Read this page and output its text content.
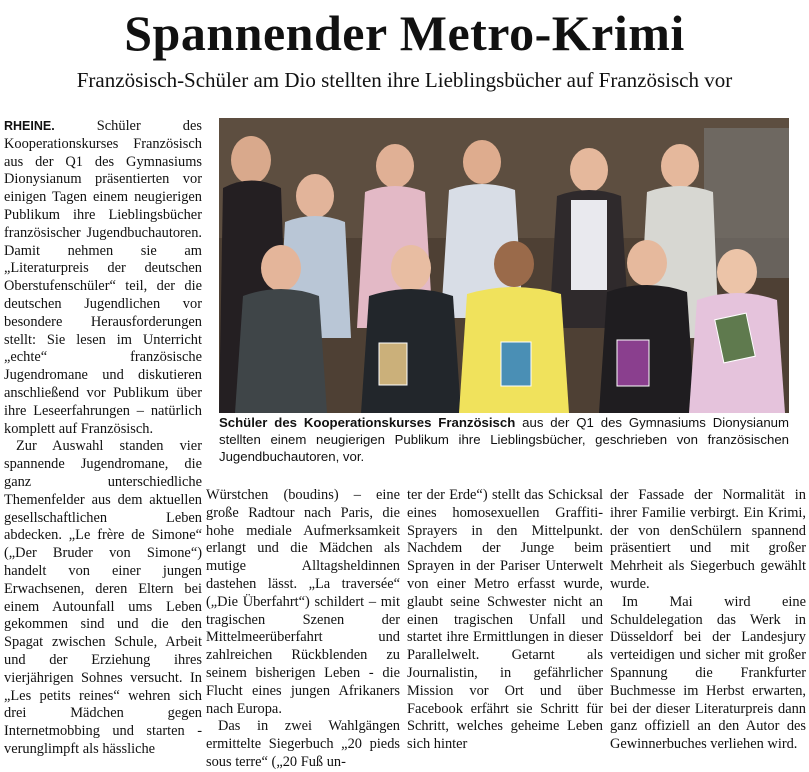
Spannender Metro-Krimi
Französisch-Schüler am Dio stellten ihre Lieblingsbücher auf Französisch vor

RHEINE.	Schüler des Kooperationskurses Französisch aus der Q1 des Gymnasiums Dionysianum präsentierten vor einigen Tagen einem neugierigen Publikum ihre Lieblingsbücher französischer Jugendbuchautoren. Damit nehmen sie am „Literaturpreis der deutschen Oberstufenschüler“ teil, der die deutschen Jugendlichen vor besondere Herausforderungen stellt: Sie lesen im Unterricht „echte“ französische Jugendromane und diskutieren anschließend vor Publikum über ihre Leseerfahrungen – natürlich komplett auf Französisch.

Zur Auswahl standen vier spannende Jugendromane, die ganz unterschiedliche Themenfelder aus dem aktuellen gesellschaftlichen Leben abdecken. „Le frère de Simone“ („Der Bruder von Simone“) handelt von einer jungen Erwachsenen, deren Eltern bei einem Autounfall ums Leben gekommen sind und die den Spagat zwischen Schule, Arbeit und der Erziehung ihres vierjährigen Sohnes versucht. In „Les petits reines“ wehren sich drei Mädchen gegen Internetmobbing und starten - verunglimpft als hässliche

Schüler des Kooperationskurses Französisch aus der Q1 des Gymnasiums Dionysianum stellten einem neugierigen Publikum ihre Lieblingsbücher, geschrieben von französischen Jugendbuchautoren, vor.

Würstchen (boudins) – eine große Radtour nach Paris, die hohe mediale Aufmerksamkeit erlangt und die Mädchen als mutige Alltagsheldinnen dastehen lässt. „La traversée“ („Die Überfahrt“) schildert – mit tragischen Szenen der Mittelmeerüberfahrt und zahlreichen Rückblenden zu seinem bisherigen Leben - die Flucht eines jungen Afrikaners nach Europa.

Das in zwei Wahlgängen ermittelte Siegerbuch „20 pieds sous terre“ („20 Fuß un-

ter der Erde“) stellt das Schicksal eines homosexuellen Graffiti-Sprayers in den Mittelpunkt. Nachdem der Junge beim Sprayen in der Pariser Unterwelt von einer Metro erfasst wurde, glaubt seine Schwester nicht an einen tragischen Unfall und startet ihre Ermittlungen in dieser Parallelwelt. Getarnt als Journalistin, in gefährlicher Mission vor Ort und über Facebook erfährt sie Schritt für Schritt, welches geheime Leben sich hinter

der Fassade der Normalität in ihrer Familie verbirgt. Ein Krimi, der von denSchülern spannend präsentiert und mit großer Mehrheit als Siegerbuch gewählt wurde.

Im Mai wird eine Schuldelegation das Werk in Düsseldorf bei der Landesjury verteidigen und sicher mit großer Spannung die Frankfurter Buchmesse im Herbst erwarten, bei der dieser Literaturpreis dann ganz offiziell an den Autor des Gewinnerbuches verliehen wird.
